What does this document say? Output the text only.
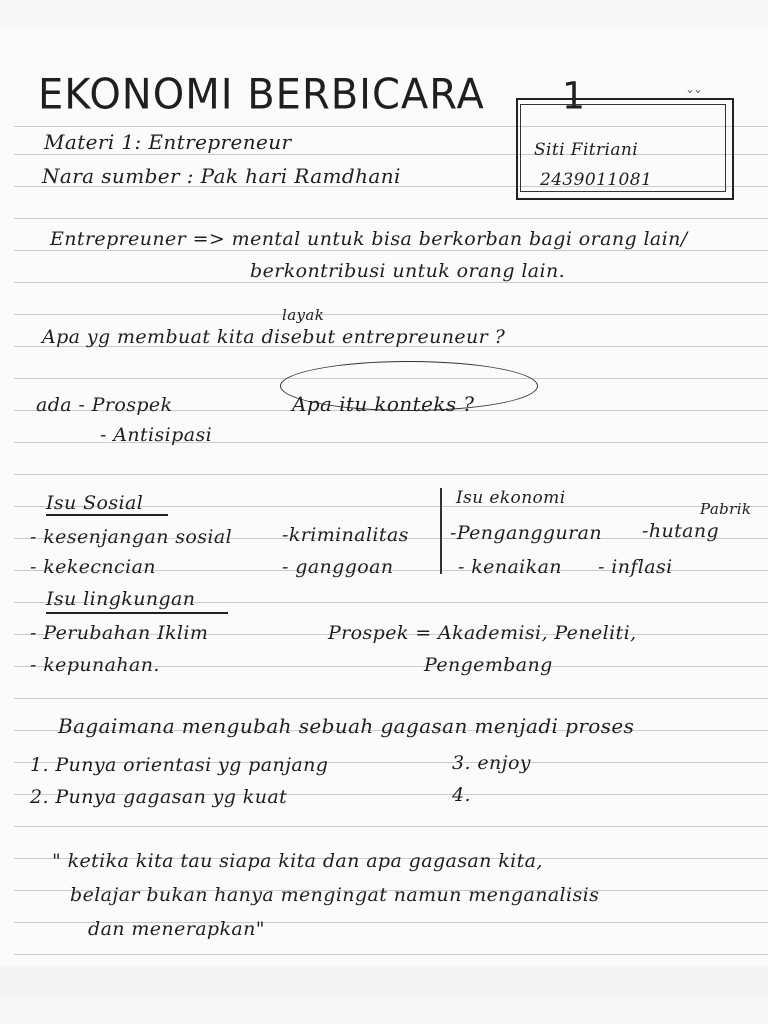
EKONOMI BERBICARA 1	ˇˇ
Materi 1: Entrepreneur
Nara sumber : Pak hari Ramdhani
Siti Fitriani
2439011081
Entrepreuner => mental untuk bisa berkorban bagi orang lain/
berkontribusi untuk orang lain.
layak
Apa yg membuat kita disebut entrepreuneur ?
ada - Prospek
- Antisipasi
Apa itu konteks ?
Isu Sosial
- kesenjangan sosial	-kriminalitas
- kekecncian	- ganggoan
Isu ekonomi
Pabrik
-Pengangguran -hutang
- kenaikan - inflasi
Isu lingkungan
- Perubahan Iklim
- kepunahan.
Prospek = Akademisi, Peneliti,
Pengembang
Bagaimana mengubah sebuah gagasan menjadi proses
1. Punya orientasi yg panjang
2. Punya gagasan yg kuat
3. enjoy
4.
" ketika kita tau siapa kita dan apa gagasan kita,
belajar bukan hanya mengingat namun menganalisis
dan menerapkan"
